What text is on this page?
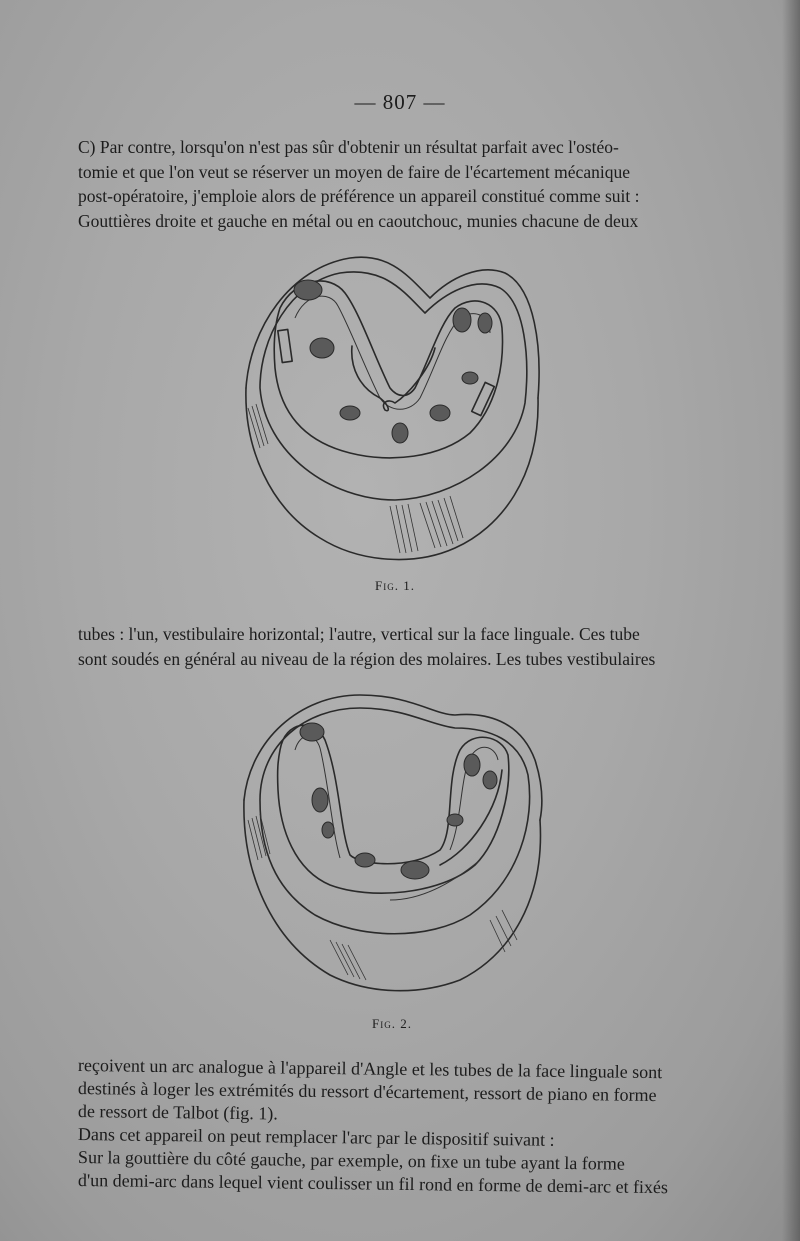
— 807 —
C) Par contre, lorsqu'on n'est pas sûr d'obtenir un résultat parfait avec l'ostéo-
tomie et que l'on veut se réserver un moyen de faire de l'écartement mécanique
post-opératoire, j'emploie alors de préférence un appareil constitué comme suit :
Gouttières droite et gauche en métal ou en caoutchouc, munies chacune de deux
Fig. 1.
tubes : l'un, vestibulaire horizontal; l'autre, vertical sur la face linguale. Ces tube
sont soudés en général au niveau de la région des molaires. Les tubes vestibulaires
Fig. 2.
reçoivent un arc analogue à l'appareil d'Angle et les tubes de la face linguale sont
destinés à loger les extrémités du ressort d'écartement, ressort de piano en forme
de ressort de Talbot (fig. 1).
Dans cet appareil on peut remplacer l'arc par le dispositif suivant :
Sur la gouttière du côté gauche, par exemple, on fixe un tube ayant la forme
d'un demi-arc dans lequel vient coulisser un fil rond en forme de demi-arc et fixés
